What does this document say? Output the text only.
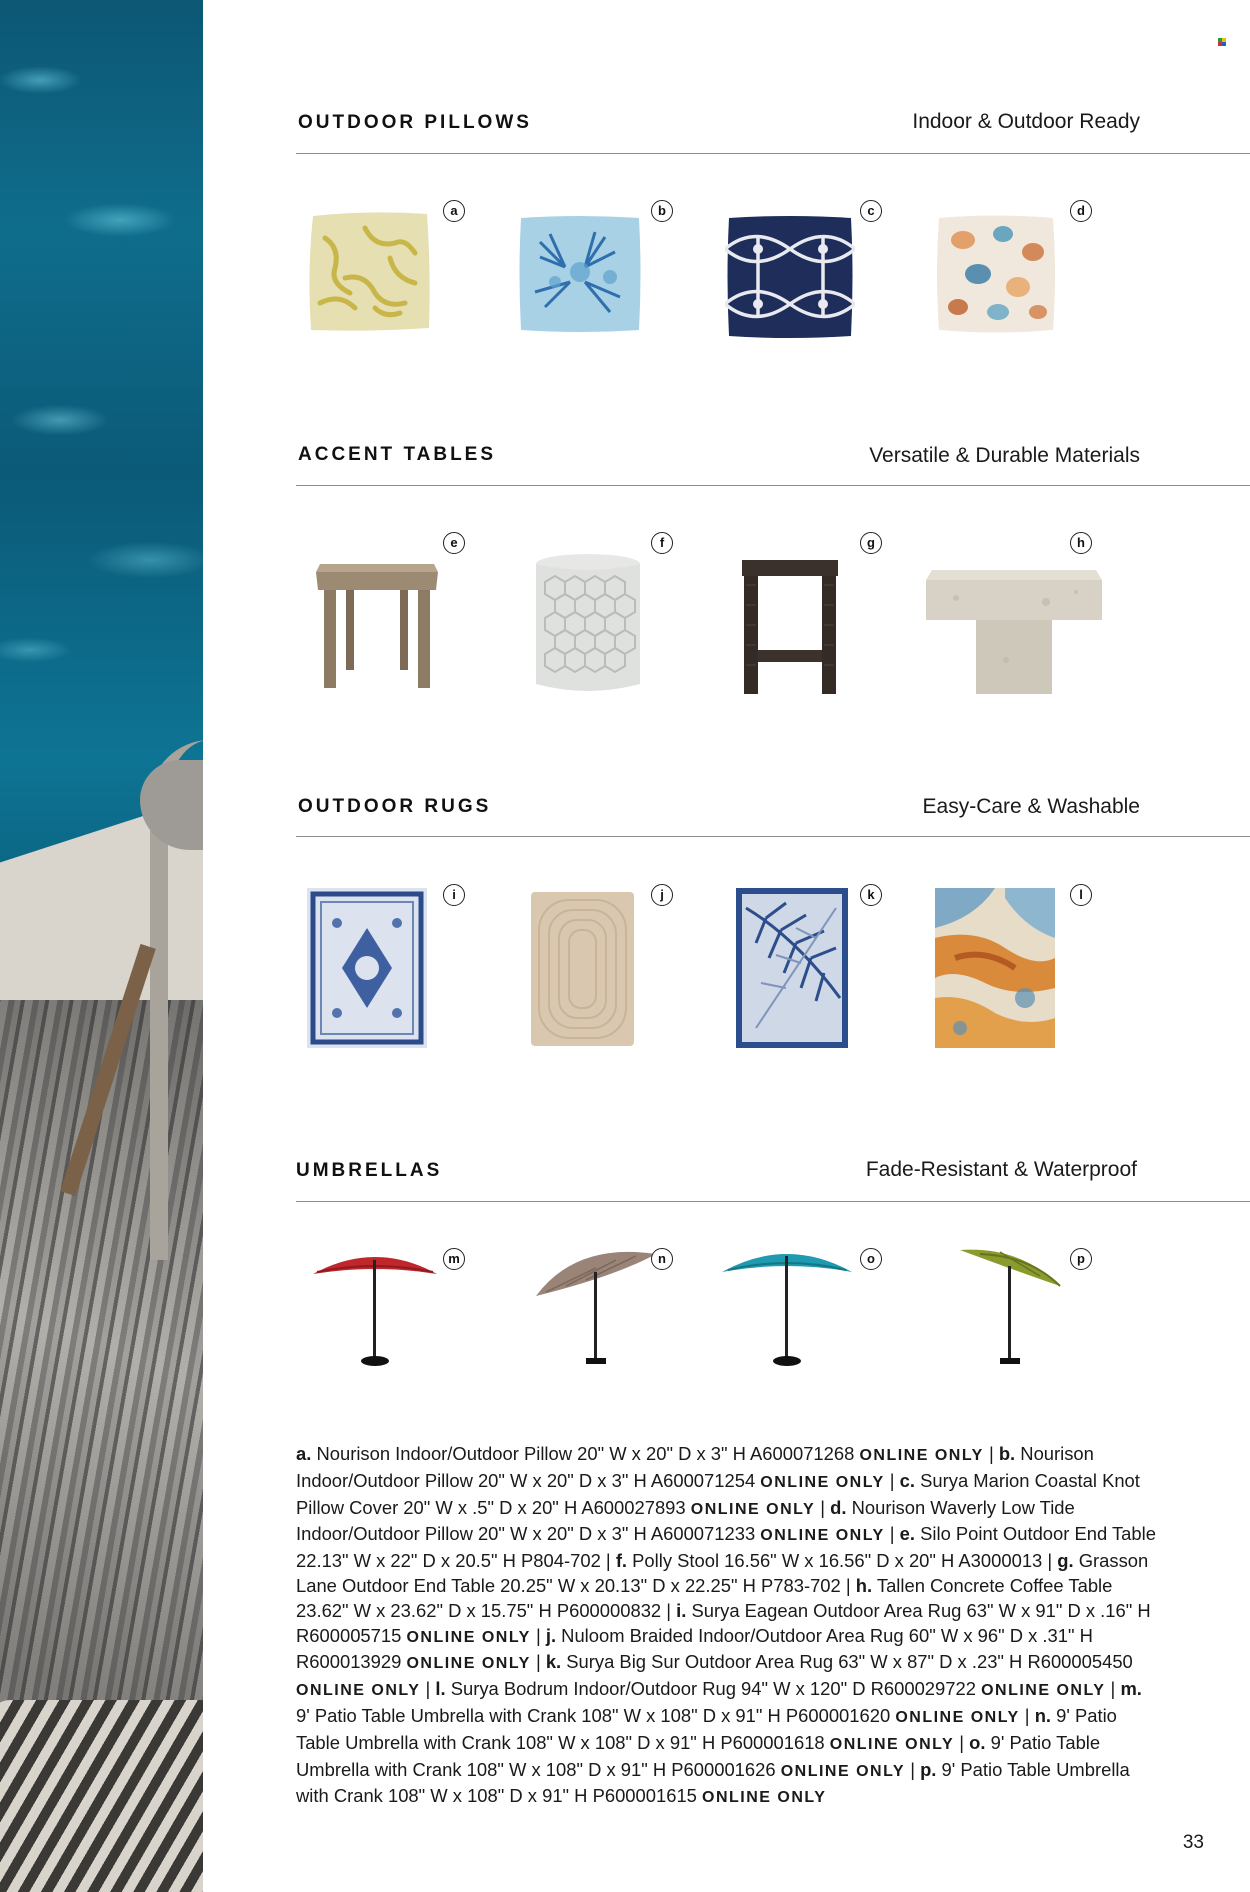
OUTDOOR PILLOWS	Indoor & Outdoor Ready
a	b	c	d
ACCENT TABLES	Versatile & Durable Materials
e	f	g	h
OUTDOOR RUGS	Easy-Care & Washable
i	j	k	l
UMBRELLAS	Fade-Resistant & Waterproof
m	n	o	p
a. Nourison Indoor/Outdoor Pillow 20" W x 20" D x 3" H A600071268 ONLINE ONLY | b. Nourison Indoor/Outdoor Pillow 20" W x 20" D x 3" H A600071254 ONLINE ONLY | c. Surya Marion Coastal Knot Pillow Cover 20" W x .5" D x 20" H A600027893 ONLINE ONLY | d. Nourison Waverly Low Tide Indoor/Outdoor Pillow 20" W x 20" D x 3" H A600071233 ONLINE ONLY | e. Silo Point Outdoor End Table 22.13" W x 22" D x 20.5" H P804-702 | f. Polly Stool 16.56" W x 16.56" D x 20" H A3000013 | g. Grasson Lane Outdoor End Table 20.25" W x 20.13" D x 22.25" H P783-702 | h. Tallen Concrete Coffee Table 23.62" W x 23.62" D x 15.75" H P600000832 | i. Surya Eagean Outdoor Area Rug 63" W x 91" D x .16" H R600005715 ONLINE ONLY | j. Nuloom Braided Indoor/Outdoor Area Rug 60" W x 96" D x .31" H R600013929 ONLINE ONLY | k. Surya Big Sur Outdoor Area Rug 63" W x 87" D x .23" H R600005450 ONLINE ONLY | l. Surya Bodrum Indoor/Outdoor Rug 94" W x 120" D R600029722 ONLINE ONLY | m. 9' Patio Table Umbrella with Crank 108" W x 108" D x 91" H P600001620 ONLINE ONLY | n. 9' Patio Table Umbrella with Crank 108" W x 108" D x 91" H P600001618 ONLINE ONLY | o. 9' Patio Table Umbrella with Crank 108" W x 108" D x 91" H P600001626 ONLINE ONLY | p. 9' Patio Table Umbrella with Crank 108" W x 108" D x 91" H P600001615 ONLINE ONLY
33
